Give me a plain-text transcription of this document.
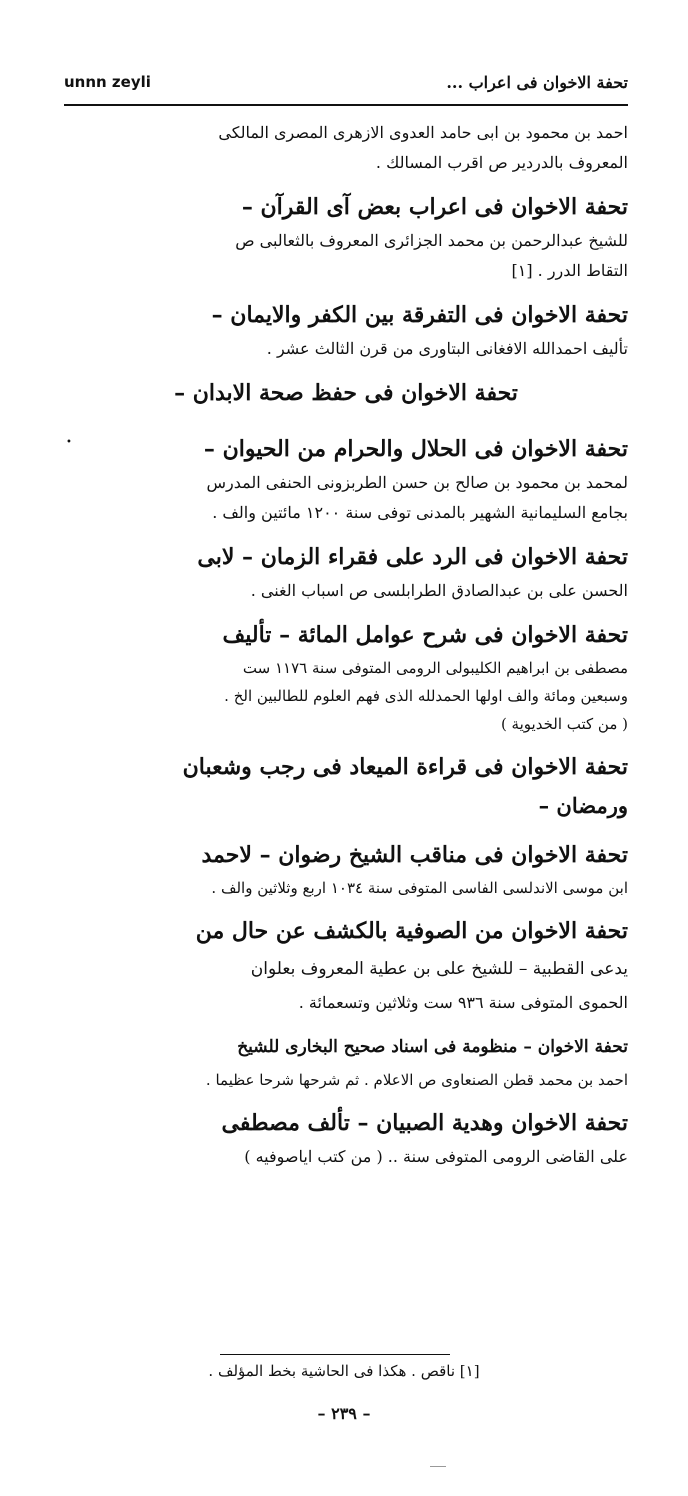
unnn zeyli	تحفة الاخوان فى اعراب ...
•

احمد بن محمود بن ابى حامد العدوى الازهرى المصرى المالكى

المعروف بالدردير ص اقرب المسالك .

تحفة الاخوان فى اعراب بعض آى القرآن –

للشيخ عبدالرحمن بن محمد الجزائرى المعروف بالثعالبى ص

التقاط الدرر . [١]

تحفة الاخوان فى التفرقة بين الكفر والايمان –

تأليف احمدالله الافغانى البتاورى من قرن الثالث عشر .

تحفة الاخوان فى حفظ صحة الابدان –

تحفة الاخوان فى الحلال والحرام من الحيوان –

لمحمد بن محمود بن صالح بن حسن الطربزونى الحنفى المدرس

بجامع السليمانية الشهير بالمدنى توفى سنة ١٢٠٠ مائتين والف .

تحفة الاخوان فى الرد على فقراء الزمان – لابى

الحسن على بن عبدالصادق الطرابلسى ص اسباب الغنى .

تحفة الاخوان فى شرح عوامل المائة – تأليف

مصطفى بن ابراهيم الكليبولى الرومى المتوفى سنة ١١٧٦ ست

وسبعين ومائة والف اولها الحمدلله الذى فهم العلوم للطالبين الخ .

( من كتب الخديوية )

تحفة الاخوان فى قراءة الميعاد فى رجب وشعبان

ورمضان –

تحفة الاخوان فى مناقب الشيخ رضوان – لاحمد

ابن موسى الاندلسى الفاسى المتوفى سنة ١٠٣٤ اربع وثلاثين والف .

تحفة الاخوان من الصوفية بالكشف عن حال من

يدعى القطبية – للشيخ على بن عطية المعروف بعلوان

الحموى المتوفى سنة ٩٣٦ ست وثلاثين وتسعمائة .

تحفة الاخوان – منظومة فى اسناد صحيح البخارى للشيخ

احمد بن محمد قطن الصنعاوى ص الاعلام . ثم شرحها شرحا عظيما .

تحفة الاخوان وهدية الصبيان – تألف مصطفى

على القاضى الرومى المتوفى سنة .. ( من كتب اياصوفيه )

[١] ناقص . هكذا فى الحاشية بخط المؤلف .
– ٢٣٩ –
